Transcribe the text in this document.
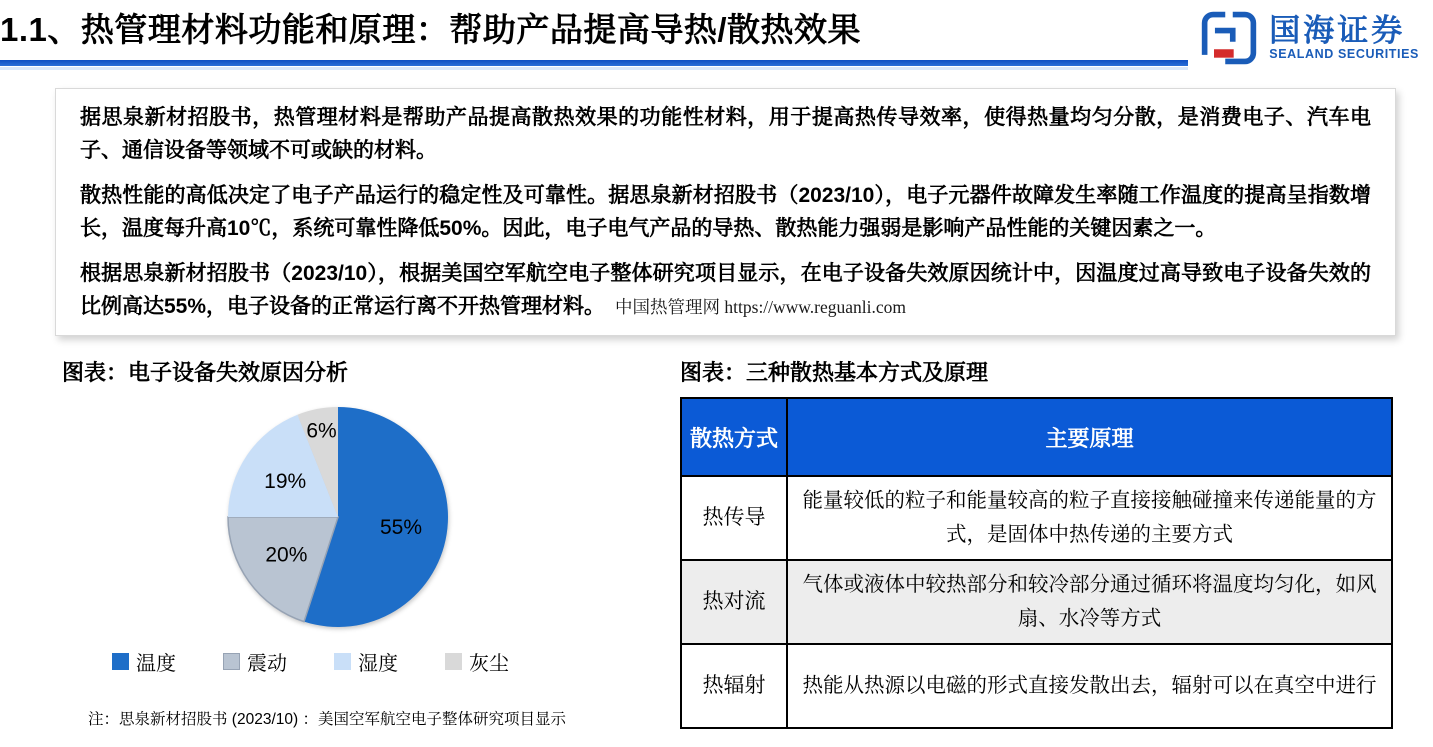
1.1、热管理材料功能和原理：帮助产品提高导热/散热效果	国海证券
SEALAND SECURITIES

据思泉新材招股书，热管理材料是帮助产品提高散热效果的功能性材料，用于提高热传导效率，使得热量均匀分散，是消费电子、汽车电子、通信设备等领域不可或缺的材料。

散热性能的高低决定了电子产品运行的稳定性及可靠性。据思泉新材招股书（2023/10），电子元器件故障发生率随工作温度的提高呈指数增长，温度每升高10℃，系统可靠性降低50%。因此，电子电气产品的导热、散热能力强弱是影响产品性能的关键因素之一。

根据思泉新材招股书（2023/10），根据美国空军航空电子整体研究项目显示，在电子设备失效原因统计中，因温度过高导致电子设备失效的比例高达55%，电子设备的正常运行离不开热管理材料。 中国热管理网 https://www.reguanli.com

图表：电子设备失效原因分析	图表：三种散热基本方式及原理
55%
20%
19%
6%
温度	震动	湿度	灰尘
注：思泉新材招股书 (2023/10) ：美国空军航空电子整体研究项目显示
散热方式	主要原理
热传导	能量较低的粒子和能量较高的粒子直接接触碰撞来传递能量的方式，是固体中热传递的主要方式
热对流	气体或液体中较热部分和较冷部分通过循环将温度均匀化，如风扇、水冷等方式
热辐射	热能从热源以电磁的形式直接发散出去，辐射可以在真空中进行
